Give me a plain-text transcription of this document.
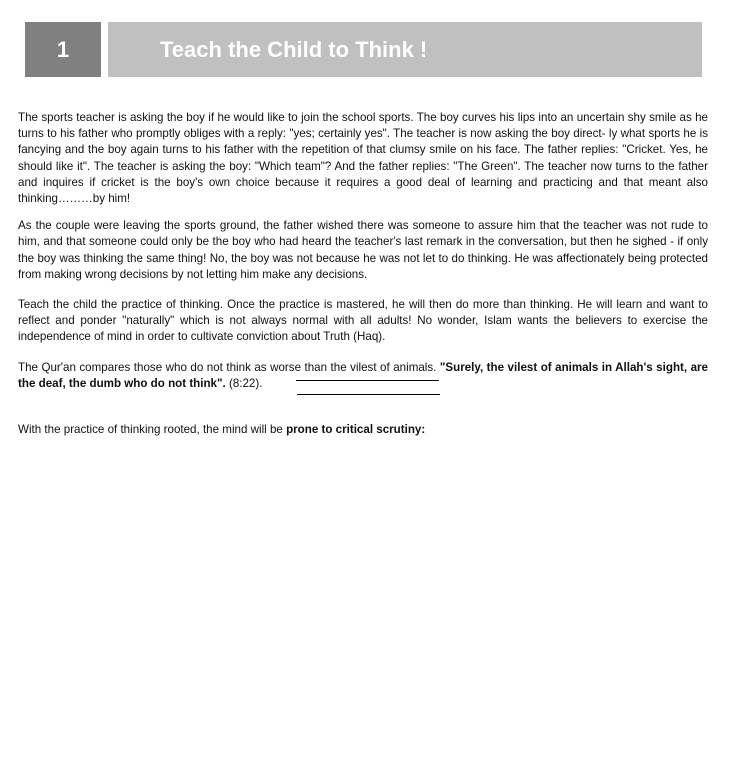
1	Teach the Child to Think !

The sports teacher is asking the boy if he would like to join the school sports. The boy curves his lips into an uncertain shy smile as he turns to his father who promptly obliges with a reply: "yes; certainly yes". The teacher is now asking the boy direct- ly what sports he is fancying and the boy again turns to his father with the repetition of that clumsy smile on his face. The father replies: "Cricket. Yes, he should like it". The teacher is asking the boy: "Which team"? And the father replies: "The Green". The teacher now turns to the father and inquires if cricket is the boy's own choice because it requires a good deal of learning and practicing and that meant also thinking………by him!

As the couple were leaving the sports ground, the father wished there was someone to assure him that the teacher was not rude to him, and that someone could only be the boy who had heard the teacher's last remark in the conversation, but then he sighed - if only the boy was thinking the same thing! No, the boy was not because he was not let to do thinking. He was affectionately being protected from making wrong decisions by not letting him make any decisions.

Teach the child the practice of thinking. Once the practice is mastered, he will then do more than thinking. He will learn and want to reflect and ponder "naturally" which is not always normal with all adults! No wonder, Islam wants the believers to exercise the independence of mind in order to cultivate conviction about Truth (Haq).

The Qur'an compares those who do not think as worse than the vilest of animals. "Surely, the vilest of animals in Allah's sight, are the deaf, the dumb who do not think". (8:22).

With the practice of thinking rooted, the mind will be prone to critical scrutiny:
